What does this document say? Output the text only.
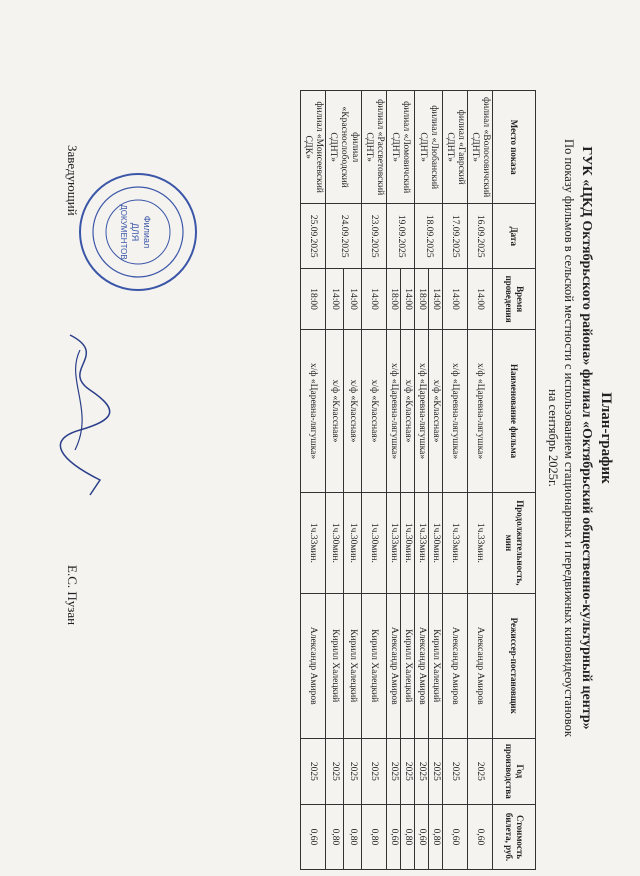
План-график
ГУК «ЦКД Октябрьского района» филиал «Октябрьский общественно-культурный центр»
По показу фильмов в сельской местности с использованием стационарных и передвижных киновидеоустановок
на сентябрь 2025г.
Место показа	Дата	Время проведения	Наименование фильма	Продолжительность, мин	Режиссер-постановщик	Год производства	Стоимость билета, руб.
филиал «Волосовичский СДНТ»	16.09.2025	14:00	х/ф «Царевна-лягушка»	1ч.33мин.	Александр Амиров	2025	0,60
филиал «Гаврский СДНТ»	17.09.2025	14:00	х/ф «Царевна-лягушка»	1ч.33мин.	Александр Амиров	2025	0,60
филиал «Любанский СДНТ»	18.09.2025	14:00	х/ф «Классная»	1ч.30мин.	Кирилл Халецкий	2025	0,80
		18:00	х/ф «Царевна-лягушка»	1ч.33мин.	Александр Амиров	2025	0,60
филиал «Ломовичский СДНТ»	19.09.2025	14:00	х/ф «Классная»	1ч.30мин.	Кирилл Халецкий	2025	0,80
		18:00	х/ф «Царевна-лягушка»	1ч.33мин.	Александр Амиров	2025	0,60
филиал «Рассветовский СДНТ»	23.09.2025	14:00	х/ф «Классная»	1ч.30мин.	Кирилл Халецкий	2025	0,80
филиал «Краснослободский СДНТ»	24.09.2025	14:00	х/ф «Классная»	1ч.30мин.	Кирилл Халецкий	2025	0,80
		14:00	х/ф «Классная»	1ч.30мин.	Кирилл Халецкий	2025	0,80
филиал «Моисеевский СДК»	25.09.2025	18:00	х/ф «Царевна-лягушка»	1ч.33мин.	Александр Амиров	2025	0,60
Филиал
ДЛЯ
ДОКУМЕНТОВ
Заведующий
Е.С. Пузан
